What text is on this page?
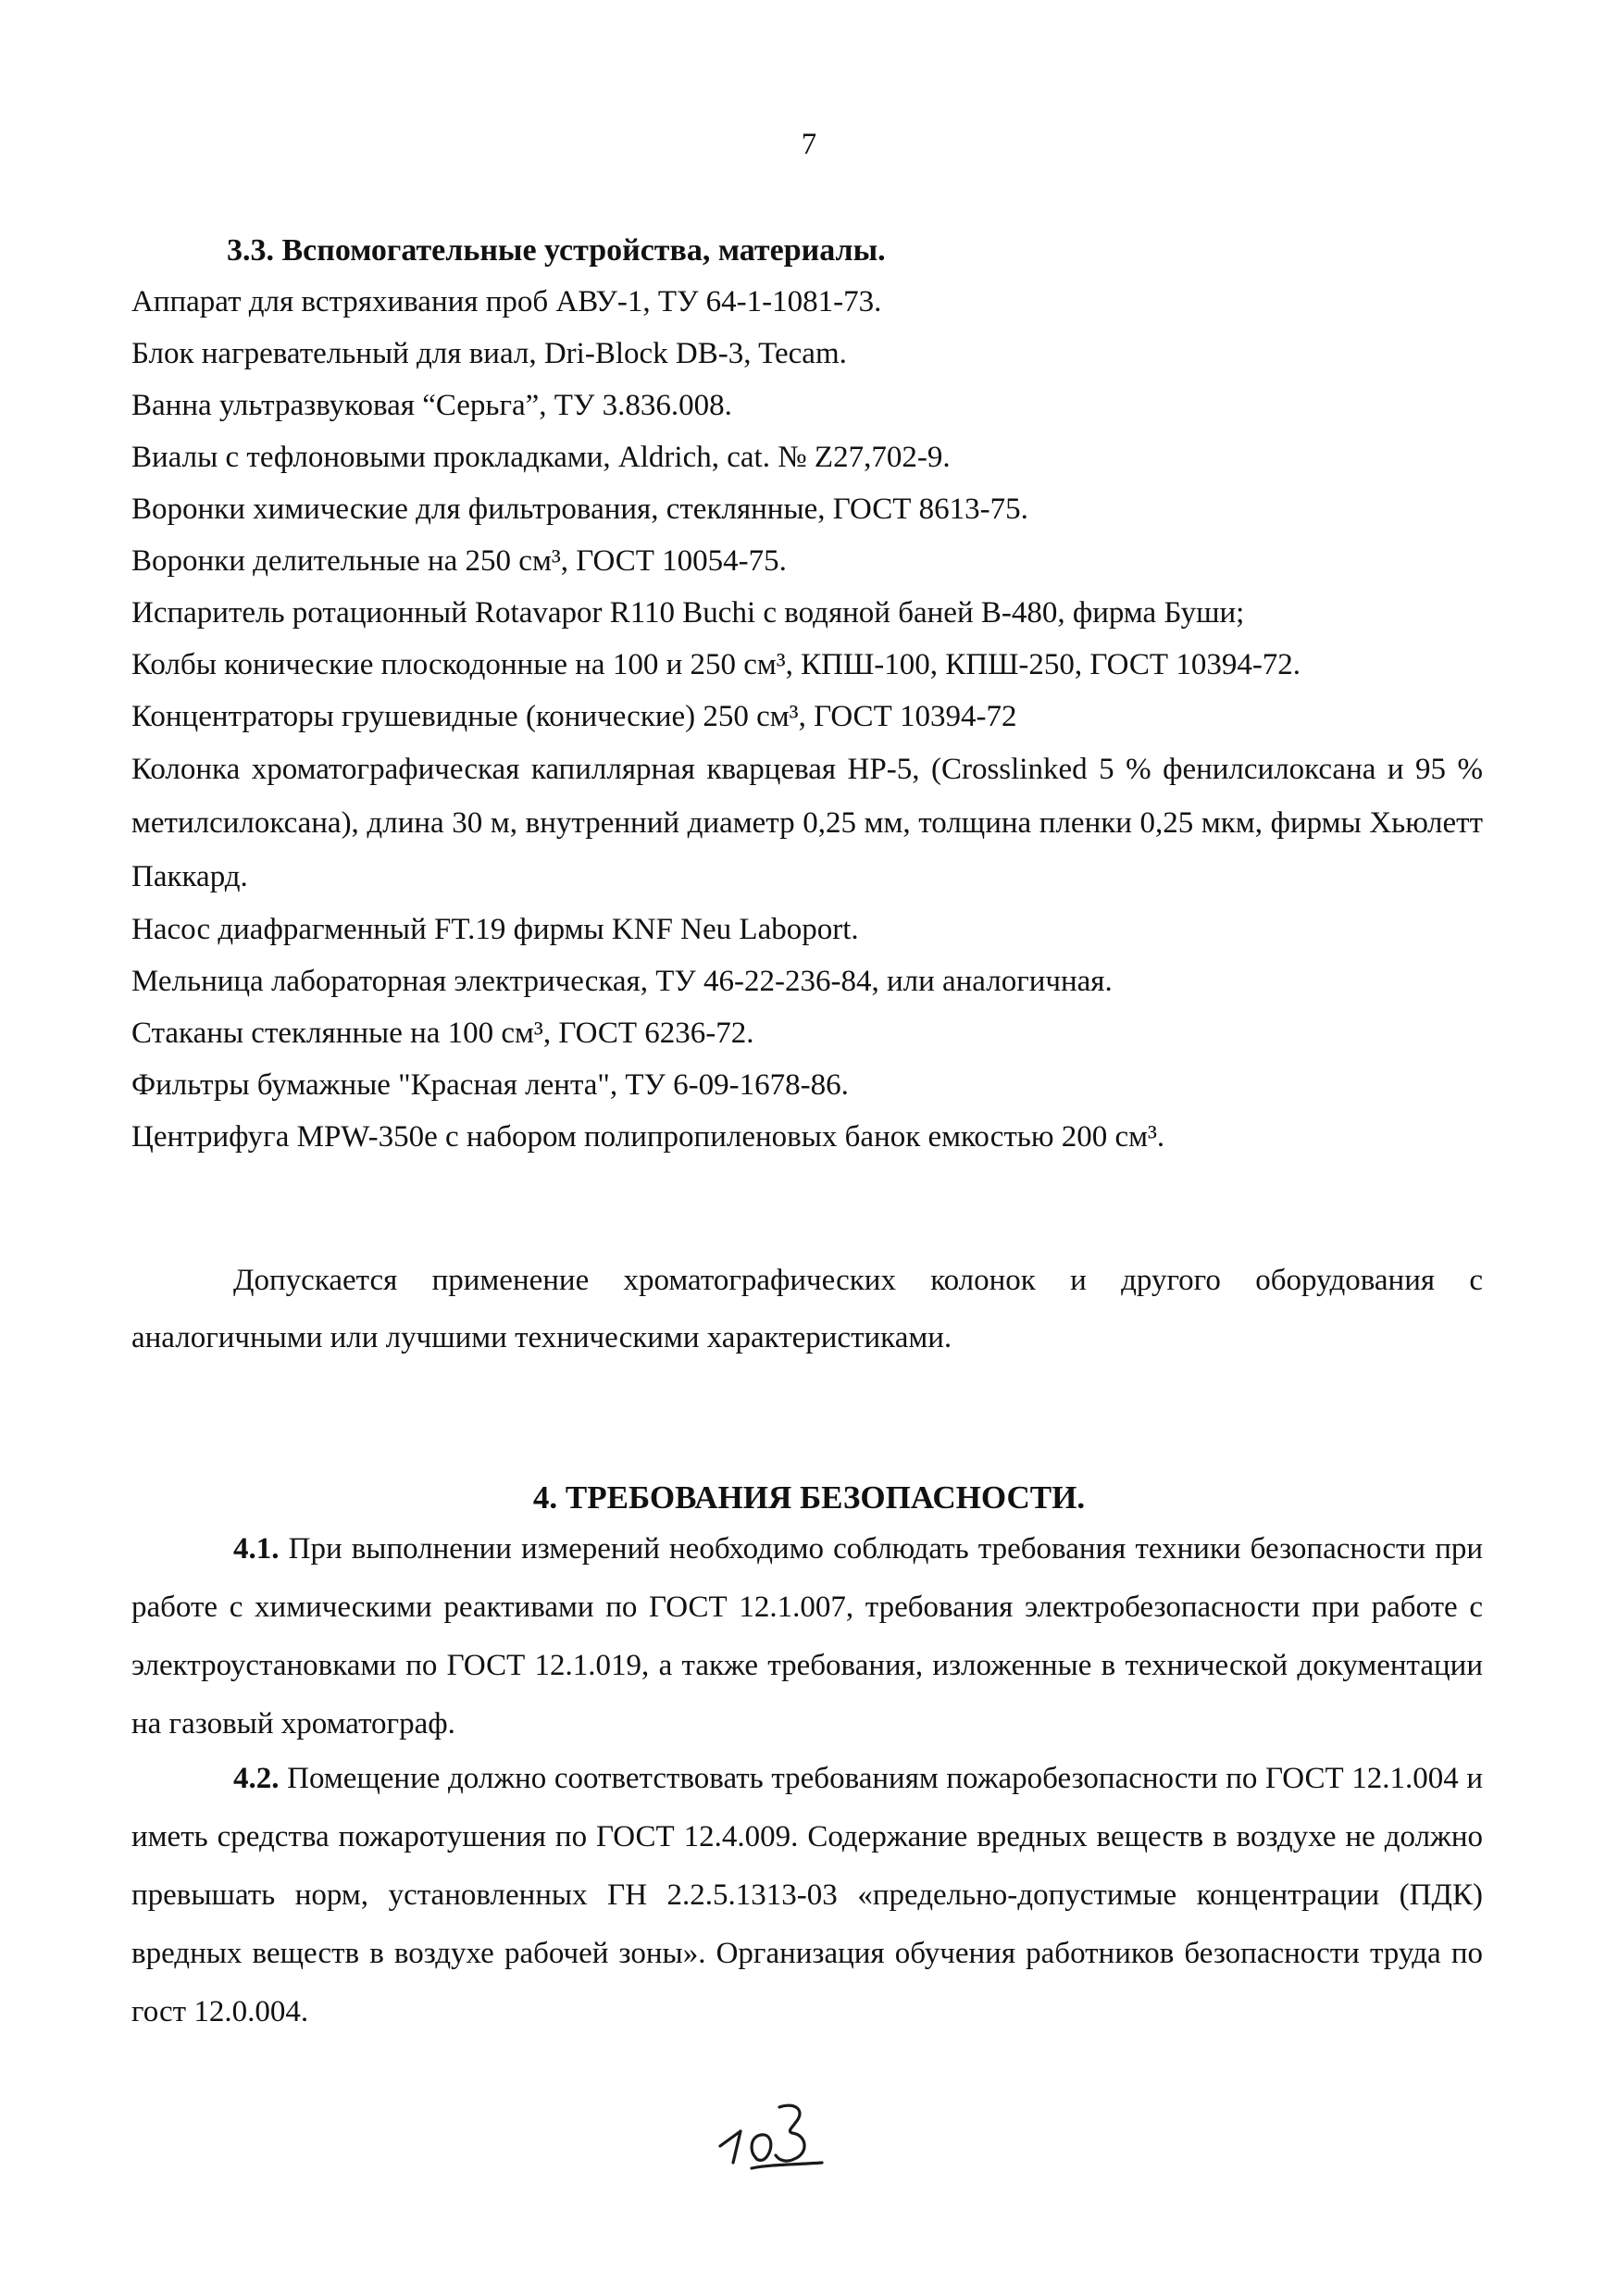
7
3.3. Вспомогательные устройства, материалы.
Аппарат для встряхивания проб АВУ-1, ТУ 64-1-1081-73.
Блок нагревательный для виал, Dri-Block DB-3, Tecam.
Ванна ультразвуковая “Серьга”, ТУ 3.836.008.
Виалы с тефлоновыми прокладками, Aldrich, cat. № Z27,702-9.
Воронки химические для фильтрования, стеклянные, ГОСТ 8613-75.
Воронки делительные на 250 см³, ГОСТ 10054-75.
Испаритель ротационный Rotavapor R110 Buchi с водяной баней В-480, фирма Буши;
Колбы конические плоскодонные на 100 и 250 см³, КПШ-100, КПШ-250, ГОСТ 10394-72.
Концентраторы грушевидные (конические) 250 см³, ГОСТ 10394-72
Колонка хроматографическая капиллярная кварцевая НР-5, (Crosslinked 5 % фенилсилоксана и 95 % метилсилоксана), длина 30 м, внутренний диаметр 0,25 мм, толщина пленки 0,25 мкм, фирмы Хьюлетт Паккард.
Насос диафрагменный FT.19 фирмы KNF Neu Laboport.
Мельница лабораторная электрическая, ТУ 46-22-236-84, или аналогичная.
Стаканы стеклянные на 100 см³, ГОСТ 6236-72.
Фильтры бумажные "Красная лента", ТУ 6-09-1678-86.
Центрифуга MPW-350e с набором полипропиленовых банок емкостью 200 см³.
Допускается применение хроматографических колонок и другого оборудования с аналогичными или лучшими техническими характеристиками.
4. ТРЕБОВАНИЯ БЕЗОПАСНОСТИ.
4.1. При выполнении измерений необходимо соблюдать требования техники безопасности при работе с химическими реактивами по ГОСТ 12.1.007, требования электробезопасности при работе с электроустановками по ГОСТ 12.1.019, а также требования, изложенные в технической документации на газовый хроматограф.
4.2. Помещение должно соответствовать требованиям пожаробезопасности по ГОСТ 12.1.004 и иметь средства пожаротушения по ГОСТ 12.4.009. Содержание вредных веществ в воздухе не должно превышать норм, установленных ГН 2.2.5.1313-03 «предельно-допустимые концентрации (ПДК) вредных веществ в воздухе рабочей зоны». Организация обучения работников безопасности труда по гост 12.0.004.
